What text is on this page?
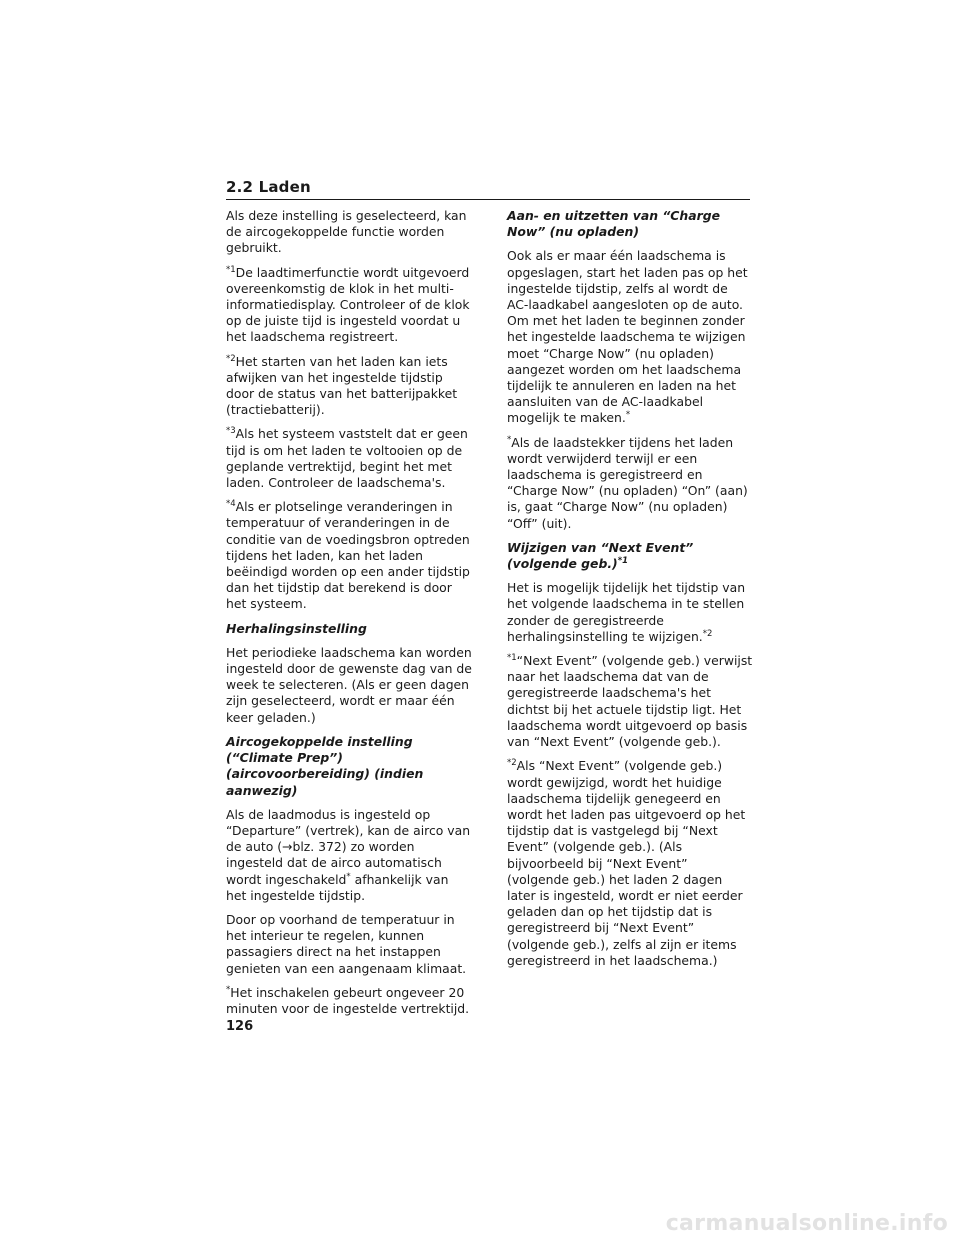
2.2 Laden

Als deze instelling is geselecteerd, kan de aircogekoppelde functie worden gebruikt.

$^{*1}$De laadtimerfunctie wordt uitgevoerd overeenkomstig de klok in het multi-informatiedisplay. Controleer of de klok op de juiste tijd is ingesteld voordat u het laadschema registreert.

$^{*2}$Het starten van het laden kan iets afwijken van het ingestelde tijdstip door de status van het batterijpakket (tractiebatterij).

$^{*3}$Als het systeem vaststelt dat er geen tijd is om het laden te voltooien op de geplande vertrektijd, begint het met laden. Controleer de laadschema's.

$^{*4}$Als er plotselinge veranderingen in temperatuur of veranderingen in de conditie van de voedingsbron optreden tijdens het laden, kan het laden beëindigd worden op een ander tijdstip dan het tijdstip dat berekend is door het systeem.

Herhalingsinstelling

Het periodieke laadschema kan worden ingesteld door de gewenste dag van de week te selecteren. (Als er geen dagen zijn geselecteerd, wordt er maar één keer geladen.)

Aircogekoppelde instelling (“Climate Prep”) (aircovoorbereiding) (indien aanwezig)

Als de laadmodus is ingesteld op “Departure” (vertrek), kan de airco van de auto (→blz. 372) zo worden ingesteld dat de airco automatisch wordt ingeschakeld* afhankelijk van het ingestelde tijdstip.

Door op voorhand de temperatuur in het interieur te regelen, kunnen passagiers direct na het instappen genieten van een aangenaam klimaat.

*Het inschakelen gebeurt ongeveer 20 minuten voor de ingestelde vertrektijd.

Aan- en uitzetten van “Charge Now” (nu opladen)

Ook als er maar één laadschema is opgeslagen, start het laden pas op het ingestelde tijdstip, zelfs al wordt de AC-laadkabel aangesloten op de auto. Om met het laden te beginnen zonder het ingestelde laadschema te wijzigen moet “Charge Now” (nu opladen) aangezet worden om het laadschema tijdelijk te annuleren en laden na het aansluiten van de AC-laadkabel mogelijk te maken.*

*Als de laadstekker tijdens het laden wordt verwijderd terwijl er een laadschema is geregistreerd en “Charge Now” (nu opladen) “On” (aan) is, gaat “Charge Now” (nu opladen) “Off” (uit).

Wijzigen van “Next Event” (volgende geb.)$^{*1}$

Het is mogelijk tijdelijk het tijdstip van het volgende laadschema in te stellen zonder de geregistreerde herhalingsinstelling te wijzigen.$^{*2}$

$^{*1}$“Next Event” (volgende geb.) verwijst naar het laadschema dat van de geregistreerde laadschema's het dichtst bij het actuele tijdstip ligt. Het laadschema wordt uitgevoerd op basis van “Next Event” (volgende geb.).

$^{*2}$Als “Next Event” (volgende geb.) wordt gewijzigd, wordt het huidige laadschema tijdelijk genegeerd en wordt het laden pas uitgevoerd op het tijdstip dat is vastgelegd bij “Next Event” (volgende geb.). (Als bijvoorbeeld bij “Next Event” (volgende geb.) het laden 2 dagen later is ingesteld, wordt er niet eerder geladen dan op het tijdstip dat is geregistreerd bij “Next Event” (volgende geb.), zelfs al zijn er items geregistreerd in het laadschema.)

126
carmanualsonline.info
